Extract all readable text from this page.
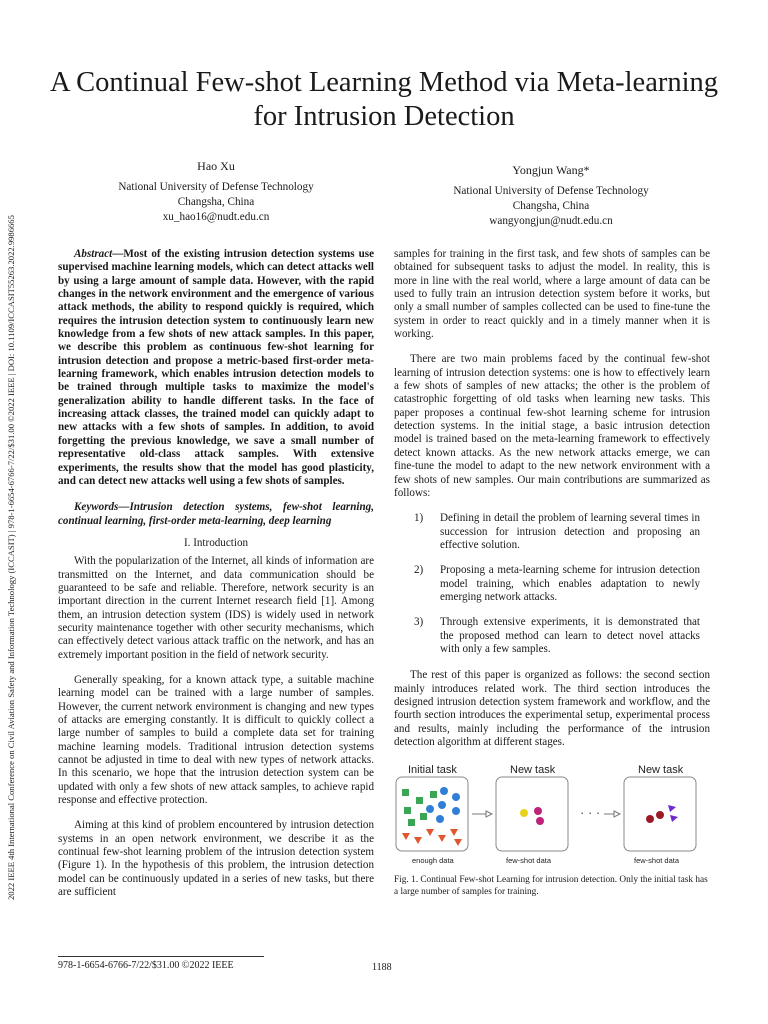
2022 IEEE 4th International Conference on Civil Aviation Safety and Information Technology (ICCASIT) | 978-1-6654-6766-7/22/$31.00 ©2022 IEEE | DOI: 10.1109/ICCASIT55263.2022.9986665
A Continual Few-shot Learning Method via Meta-learning for Intrusion Detection
Hao Xu
National University of Defense Technology
Changsha, China
xu_hao16@nudt.edu.cn
Yongjun Wang*
National University of Defense Technology
Changsha, China
wangyongjun@nudt.edu.cn

Abstract—Most of the existing intrusion detection systems use supervised machine learning models, which can detect attacks well by using a large amount of sample data. However, with the rapid changes in the network environment and the emergence of various attack methods, the ability to respond quickly is required, which requires the intrusion detection system to continuously learn new knowledge from a few shots of new attack samples. In this paper, we describe this problem as continuous few-shot learning for intrusion detection and propose a metric-based first-order meta-learning framework, which enables intrusion detection models to be trained through multiple tasks to maximize the model's generalization ability to handle different tasks. In the face of increasing attack classes, the trained model can quickly adapt to new attacks with a few shots of samples. In addition, to avoid forgetting the previous knowledge, we save a small number of representative old-class attack samples. With extensive experiments, the results show that the model has good plasticity, and can detect new attacks well using a few shots of samples.

Keywords—Intrusion detection systems, few-shot learning, continual learning, first-order meta-learning, deep learning

I. Introduction

With the popularization of the Internet, all kinds of information are transmitted on the Internet, and data communication should be guaranteed to be safe and reliable. Therefore, network security is an important direction in the current Internet research field [1]. Among them, an intrusion detection system (IDS) is widely used in network security maintenance together with other security mechanisms, which can effectively detect various attack traffic on the network, and has an extremely important position in the field of network security.

Generally speaking, for a known attack type, a suitable machine learning model can be trained with a large number of samples. However, the current network environment is changing and new types of attacks are emerging constantly. It is difficult to quickly collect a large number of samples to build a complete data set for training machine learning models. Traditional intrusion detection systems cannot be adjusted in time to deal with new types of network attacks. In this scenario, we hope that the intrusion detection system can be updated with only a few shots of new attack samples, to achieve rapid response and effective protection.

Aiming at this kind of problem encountered by intrusion detection systems in an open network environment, we describe it as the continual few-shot learning problem of the intrusion detection system (Figure 1). In the hypothesis of this problem, the intrusion detection model can be continuously updated in a series of new tasks, but there are sufficient

samples for training in the first task, and few shots of samples can be obtained for subsequent tasks to adjust the model. In reality, this is more in line with the real world, where a large amount of data can be used to fully train an intrusion detection system before it works, but only a small number of samples collected can be used to fine-tune the system in order to react quickly and in a timely manner when it is working.

There are two main problems faced by the continual few-shot learning of intrusion detection systems: one is how to effectively learn a few shots of samples of new attacks; the other is the problem of catastrophic forgetting of old tasks when learning new tasks. This paper proposes a continual few-shot learning scheme for intrusion detection systems. In the initial stage, a basic intrusion detection model is trained based on the meta-learning framework to effectively detect known attacks. As the new network attacks emerge, we can fine-tune the model to adapt to the new network environment with a few shots of new samples. Our main contributions are summarized as follows:

1)	Defining in detail the problem of learning several times in succession for intrusion detection and proposing an effective solution.
2)	Proposing a meta-learning scheme for intrusion detection model training, which enables adaptation to newly emerging network attacks.
3)	Through extensive experiments, it is demonstrated that the proposed method can learn to detect novel attacks with only a few samples.

The rest of this paper is organized as follows: the second section mainly introduces related work. The third section introduces the designed intrusion detection system framework and workflow, and the fourth section introduces the experimental setup, experimental process and results, mainly including the performance of the intrusion detection algorithm at different stages.

Initial task
enough data
New task
few-shot data
· · ·
New task
few-shot data

Fig. 1. Continual Few-shot Learning for intrusion detection. Only the initial task has a large number of samples for training.

978-1-6654-6766-7/22/$31.00 ©2022 IEEE	1188
